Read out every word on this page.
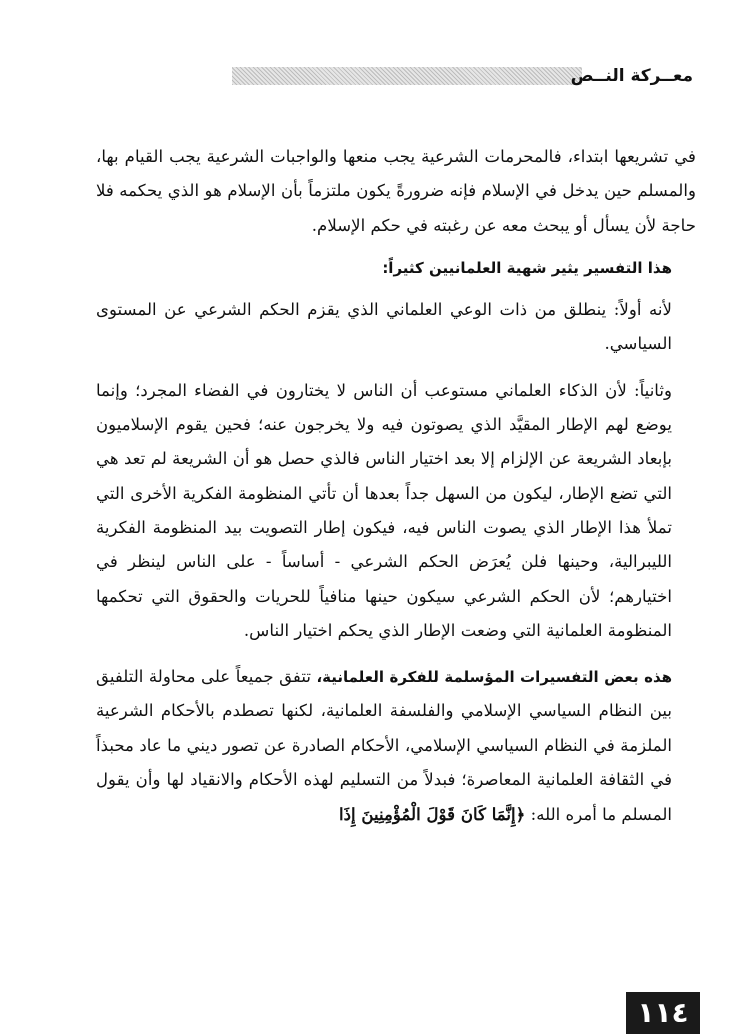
معــركة النــص

في تشريعها ابتداء، فالمحرمات الشرعية يجب منعها والواجبات الشرعية يجب القيام بها، والمسلم حين يدخل في الإسلام فإنه ضرورةً يكون ملتزماً بأن الإسلام هو الذي يحكمه فلا حاجة لأن يسأل أو يبحث معه عن رغبته في حكم الإسلام.

هذا التفسير يثير شهية العلمانيين كثيراً:

لأنه أولاً: ينطلق من ذات الوعي العلماني الذي يقزم الحكم الشرعي عن المستوى السياسي.

وثانياً: لأن الذكاء العلماني مستوعب أن الناس لا يختارون في الفضاء المجرد؛ وإنما يوضع لهم الإطار المقيَّد الذي يصوتون فيه ولا يخرجون عنه؛ فحين يقوم الإسلاميون بإبعاد الشريعة عن الإلزام إلا بعد اختيار الناس فالذي حصل هو أن الشريعة لم تعد هي التي تضع الإطار، ليكون من السهل جداً بعدها أن تأتي المنظومة الفكرية الأخرى التي تملأ هذا الإطار الذي يصوت الناس فيه، فيكون إطار التصويت بيد المنظومة الفكرية الليبرالية، وحينها فلن يُعرَض الحكم الشرعي - أساساً - على الناس لينظر في اختيارهم؛ لأن الحكم الشرعي سيكون حينها منافياً للحريات والحقوق التي تحكمها المنظومة العلمانية التي وضعت الإطار الذي يحكم اختيار الناس.

هذه بعض التفسيرات المؤسلمة للفكرة العلمانية، تتفق جميعاً على محاولة التلفيق بين النظام السياسي الإسلامي والفلسفة العلمانية، لكنها تصطدم بالأحكام الشرعية الملزمة في النظام السياسي الإسلامي، الأحكام الصادرة عن تصور ديني ما عاد محبذاً في الثقافة العلمانية المعاصرة؛ فبدلاً من التسليم لهذه الأحكام والانقياد لها وأن يقول المسلم ما أمره الله: ﴿إِنَّمَا كَانَ قَوْلَ الْمُؤْمِنِينَ إِذَا

١١٤
